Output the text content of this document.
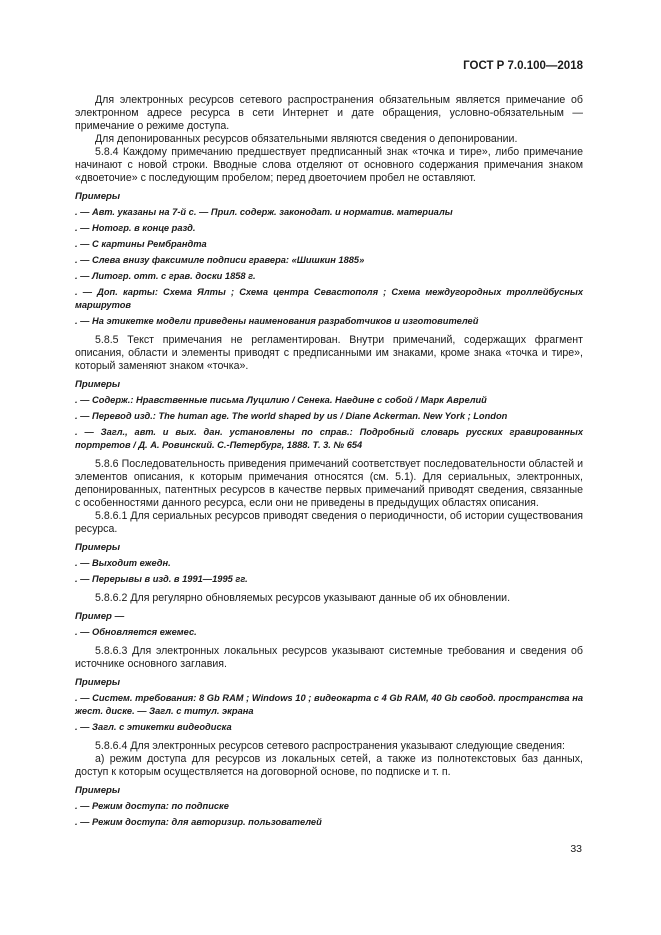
ГОСТ Р 7.0.100—2018
Для электронных ресурсов сетевого распространения обязательным является примечание об электронном адресе ресурса в сети Интернет и дате обращения, условно-обязательным — примечание о режиме доступа.
Для депонированных ресурсов обязательными являются сведения о депонировании.
5.8.4 Каждому примечанию предшествует предписанный знак «точка и тире», либо примечание начинают с новой строки. Вводные слова отделяют от основного содержания примечания знаком «двоеточие» с последующим пробелом; перед двоеточием пробел не оставляют.
Примеры
. — Авт. указаны на 7-й с. — Прил. содерж. законодат. и норматив. материалы
. — Нотогр. в конце разд.
. — С картины Рембрандта
. — Слева внизу факсимиле подписи гравера: «Шишкин 1885»
. — Литогр. отт. с грав. доски 1858 г.
. — Доп. карты: Схема Ялты ; Схема центра Севастополя ; Схема междугородных троллейбусных маршрутов
. — На этикетке модели приведены наименования разработчиков и изготовителей
5.8.5 Текст примечания не регламентирован. Внутри примечаний, содержащих фрагмент описания, области и элементы приводят с предписанными им знаками, кроме знака «точка и тире», который заменяют знаком «точка».
Примеры
. — Содерж.: Нравственные письма Луцилию / Сенека. Наедине с собой / Марк Аврелий
. — Перевод изд.: The human age. The world shaped by us / Diane Ackerman. New York ; London
. — Загл., авт. и вых. дан. установлены по справ.: Подробный словарь русских гравированных портретов / Д. А. Ровинский. С.-Петербург, 1888. Т. 3. № 654
5.8.6 Последовательность приведения примечаний соответствует последовательности областей и элементов описания, к которым примечания относятся (см. 5.1). Для сериальных, электронных, депонированных, патентных ресурсов в качестве первых примечаний приводят сведения, связанные с особенностями данного ресурса, если они не приведены в предыдущих областях описания.
5.8.6.1 Для сериальных ресурсов приводят сведения о периодичности, об истории существования ресурса.
Примеры
. — Выходит ежедн.
. — Перерывы в изд. в 1991—1995 гг.
5.8.6.2 Для регулярно обновляемых ресурсов указывают данные об их обновлении.
Пример —
. — Обновляется ежемес.
5.8.6.3 Для электронных локальных ресурсов указывают системные требования и сведения об источнике основного заглавия.
Примеры
. — Систем. требования: 8 Gb RAM ; Windows 10 ; видеокарта с 4 Gb RAM, 40 Gb свобод. пространства на жест. диске. — Загл. с титул. экрана
. — Загл. с этикетки видеодиска
5.8.6.4 Для электронных ресурсов сетевого распространения указывают следующие сведения:
а) режим доступа для ресурсов из локальных сетей, а также из полнотекстовых баз данных, доступ к которым осуществляется на договорной основе, по подписке и т. п.
Примеры
. — Режим доступа: по подписке
. — Режим доступа: для авторизир. пользователей
33
